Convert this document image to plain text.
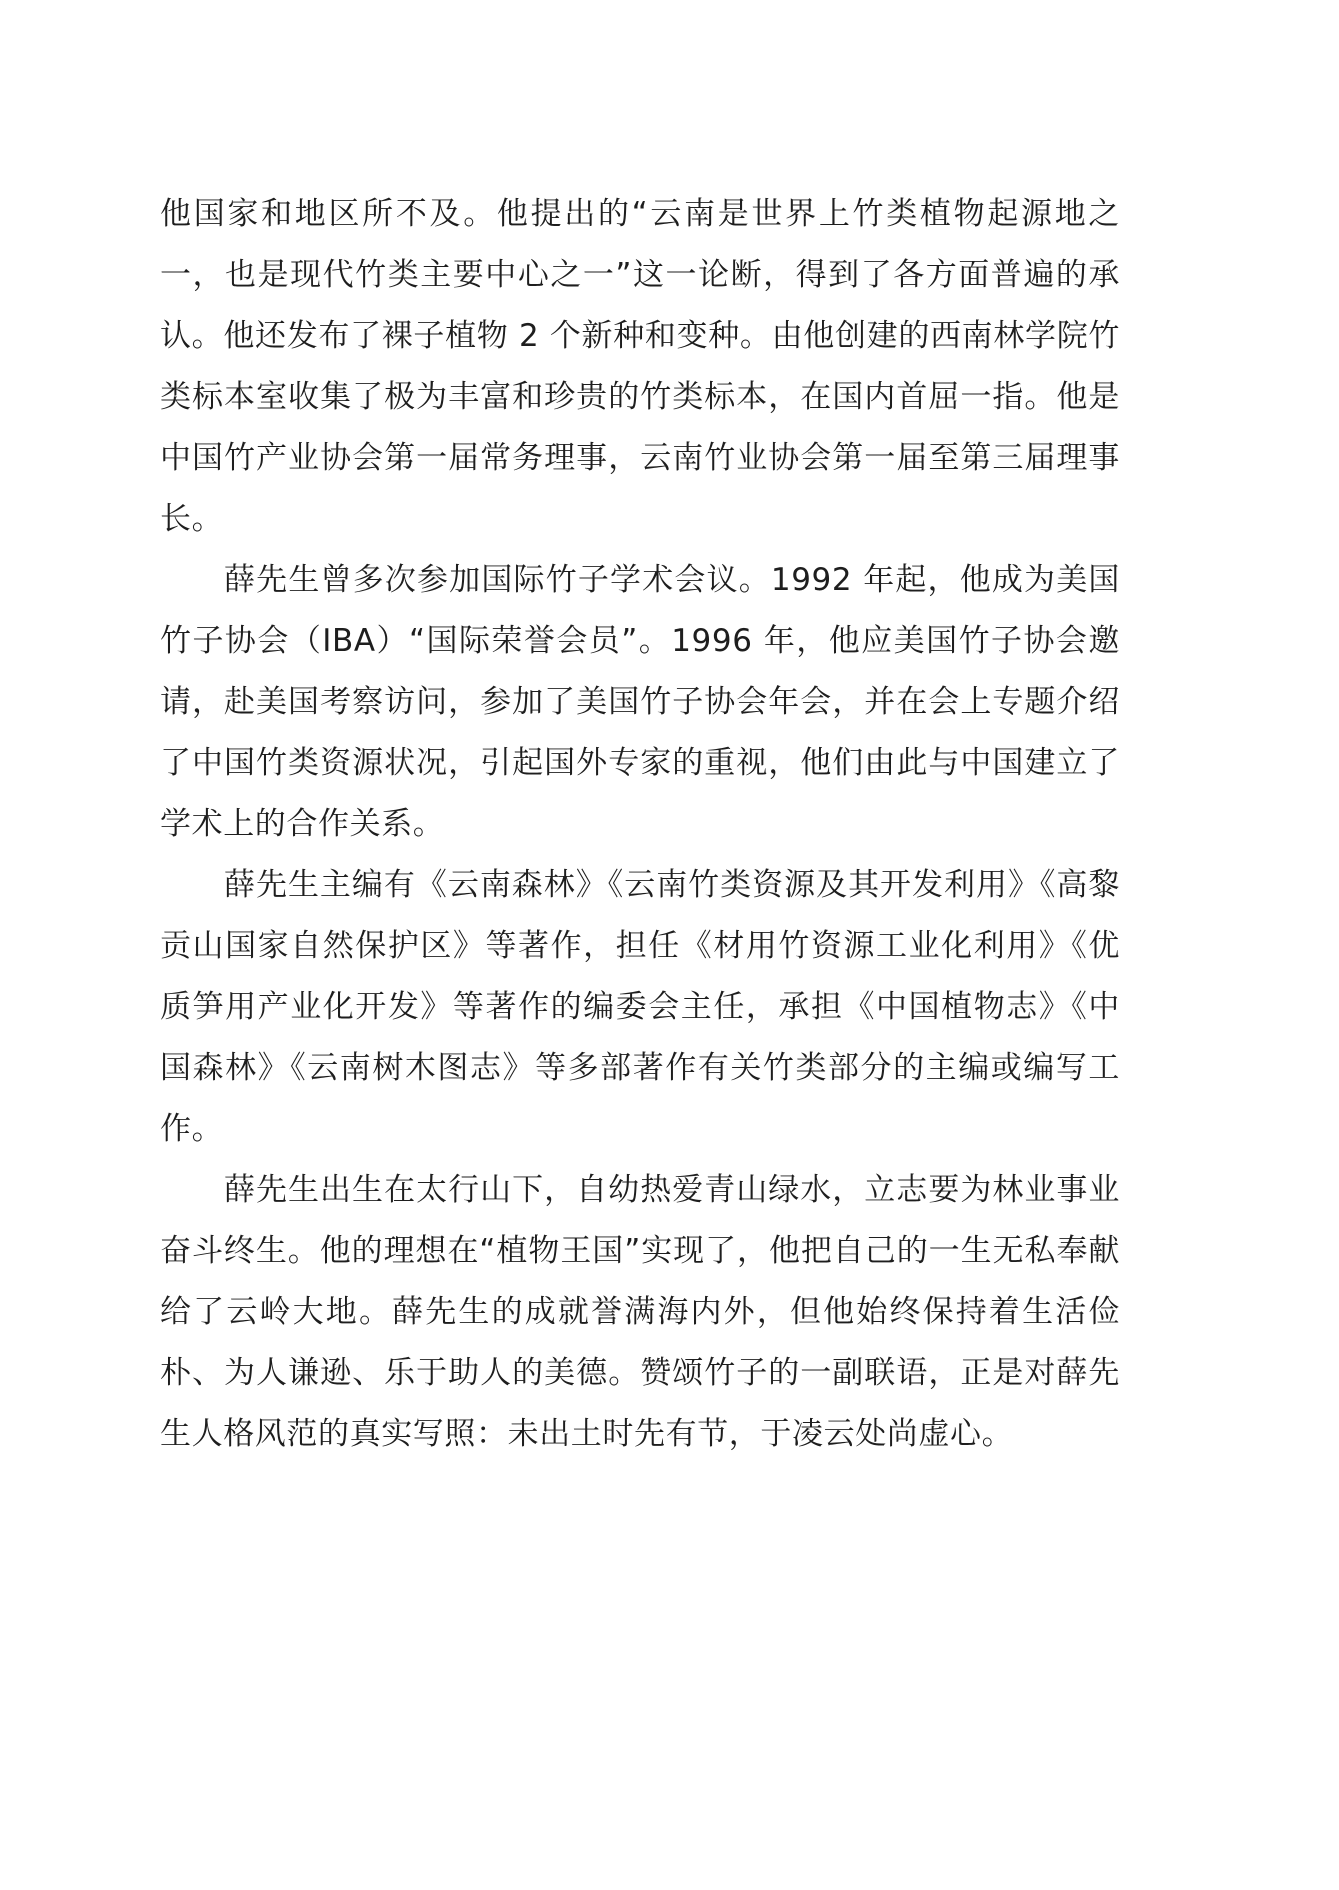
他国家和地区所不及。他提出的“云南是世界上竹类植物起源地之一，也是现代竹类主要中心之一”这一论断，得到了各方面普遍的承认。他还发布了裸子植物 2 个新种和变种。由他创建的西南林学院竹类标本室收集了极为丰富和珍贵的竹类标本，在国内首屈一指。他是中国竹产业协会第一届常务理事，云南竹业协会第一届至第三届理事长。

薛先生曾多次参加国际竹子学术会议。1992 年起，他成为美国竹子协会（IBA）“国际荣誉会员”。1996 年，他应美国竹子协会邀请，赴美国考察访问，参加了美国竹子协会年会，并在会上专题介绍了中国竹类资源状况，引起国外专家的重视，他们由此与中国建立了学术上的合作关系。

薛先生主编有《云南森林》《云南竹类资源及其开发利用》《高黎贡山国家自然保护区》等著作，担任《材用竹资源工业化利用》《优质笋用产业化开发》等著作的编委会主任，承担《中国植物志》《中国森林》《云南树木图志》等多部著作有关竹类部分的主编或编写工作。

薛先生出生在太行山下，自幼热爱青山绿水，立志要为林业事业奋斗终生。他的理想在“植物王国”实现了，他把自己的一生无私奉献给了云岭大地。薛先生的成就誉满海内外，但他始终保持着生活俭朴、为人谦逊、乐于助人的美德。赞颂竹子的一副联语，正是对薛先生人格风范的真实写照：未出土时先有节，于凌云处尚虚心。
